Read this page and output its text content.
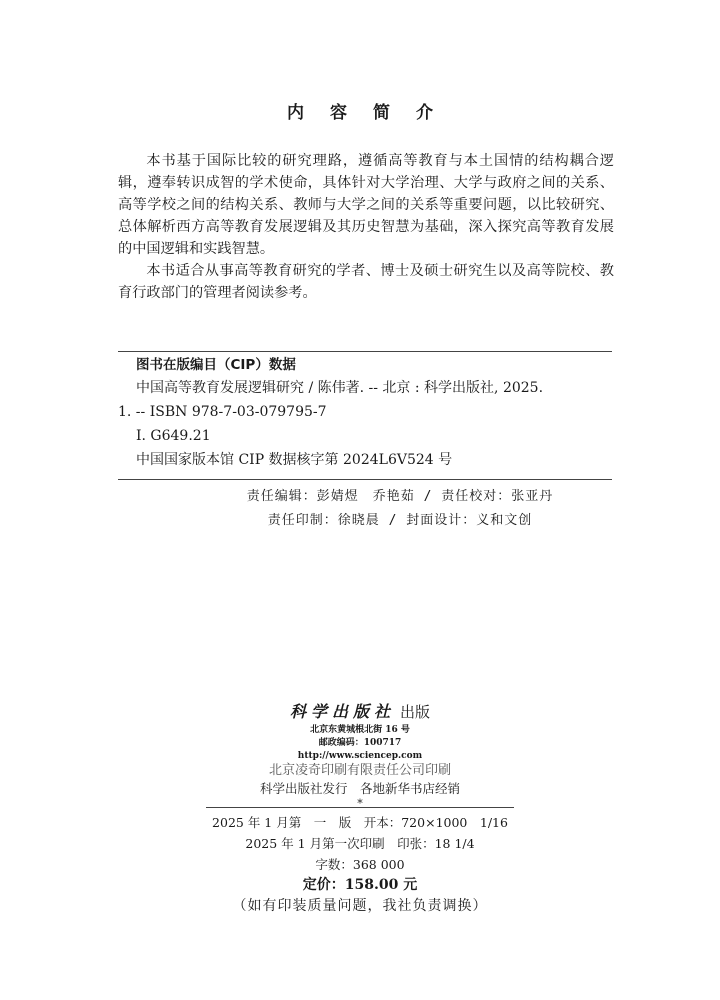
内容简介

本书基于国际比较的研究理路，遵循高等教育与本土国情的结构耦合逻辑，遵奉转识成智的学术使命，具体针对大学治理、大学与政府之间的关系、高等学校之间的结构关系、教师与大学之间的关系等重要问题，以比较研究、总体解析西方高等教育发展逻辑及其历史智慧为基础，深入探究高等教育发展的中国逻辑和实践智慧。

本书适合从事高等教育研究的学者、博士及硕士研究生以及高等院校、教育行政部门的管理者阅读参考。

图书在版编目（CIP）数据
中国高等教育发展逻辑研究 / 陈伟著. -- 北京 : 科学出版社, 2025.
1. -- ISBN 978-7-03-079795-7
Ⅰ. G649.21
中国国家版本馆 CIP 数据核字第 2024L6V524 号
责任编辑：彭婧煜　乔艳茹 / 责任校对：张亚丹
责任印制：徐晓晨 / 封面设计：义和文创
科学出版社 出版
北京东黄城根北街 16 号
邮政编码：100717
http://www.sciencep.com
北京凌奇印刷有限责任公司印刷
科学出版社发行　各地新华书店经销
*
2025 年 1 月第　一　版　开本：720×1000　1/16
2025 年 1 月第一次印刷　印张：18 1/4
字数：368 000
定价：158.00 元
（如有印装质量问题，我社负责调换）
